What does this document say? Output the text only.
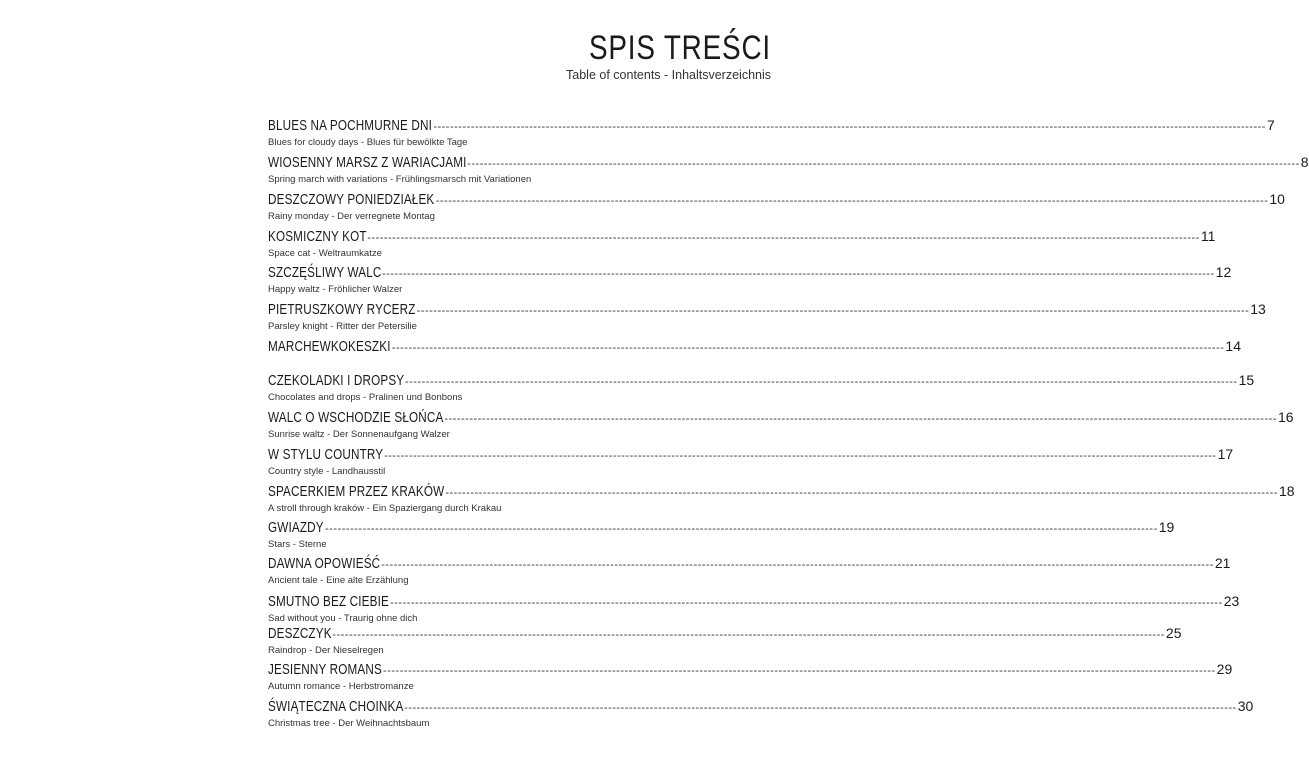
SPIS TREŚCI
Table of contents - Inhaltsverzeichnis
BLUES NA POCHMURNE DNI -------------------------------------------------------------------------------------------------------------------------------------------------------------------------------------------------------- 7
Blues for cloudy days - Blues für bewölkte Tage
WIOSENNY MARSZ Z WARIACJAMI -------------------------------------------------------------------------------------------------------------------------------------------------------------------------------------------------------- 8
Spring march with variations - Frühlingsmarsch mit Variationen
DESZCZOWY PONIEDZIAŁEK -------------------------------------------------------------------------------------------------------------------------------------------------------------------------------------------------------- 10
Rainy monday - Der verregnete Montag
KOSMICZNY KOT -------------------------------------------------------------------------------------------------------------------------------------------------------------------------------------------------------- 11
Space cat - Weltraumkatze
SZCZĘŚLIWY WALC -------------------------------------------------------------------------------------------------------------------------------------------------------------------------------------------------------- 12
Happy waltz - Fröhlicher Walzer
PIETRUSZKOWY RYCERZ -------------------------------------------------------------------------------------------------------------------------------------------------------------------------------------------------------- 13
Parsley knight - Ritter der Petersilie
MARCHEWKOKESZKI -------------------------------------------------------------------------------------------------------------------------------------------------------------------------------------------------------- 14
CZEKOLADKI I DROPSY -------------------------------------------------------------------------------------------------------------------------------------------------------------------------------------------------------- 15
Chocolates and drops - Pralinen und Bonbons
WALC O WSCHODZIE SŁOŃCA -------------------------------------------------------------------------------------------------------------------------------------------------------------------------------------------------------- 16
Sunrise waltz - Der Sonnenaufgang Walzer
W STYLU COUNTRY -------------------------------------------------------------------------------------------------------------------------------------------------------------------------------------------------------- 17
Country style - Landhausstil
SPACERKIEM PRZEZ KRAKÓW -------------------------------------------------------------------------------------------------------------------------------------------------------------------------------------------------------- 18
A stroll through kraków - Ein Spaziergang durch Krakau
GWIAZDY -------------------------------------------------------------------------------------------------------------------------------------------------------------------------------------------------------- 19
Stars - Sterne
DAWNA OPOWIEŚĆ -------------------------------------------------------------------------------------------------------------------------------------------------------------------------------------------------------- 21
Ancient tale - Eine alte Erzählung
SMUTNO BEZ CIEBIE -------------------------------------------------------------------------------------------------------------------------------------------------------------------------------------------------------- 23
Sad without you - Traurig ohne dich
DESZCZYK -------------------------------------------------------------------------------------------------------------------------------------------------------------------------------------------------------- 25
Raindrop - Der Nieselregen
JESIENNY ROMANS -------------------------------------------------------------------------------------------------------------------------------------------------------------------------------------------------------- 29
Autumn romance - Herbstromanze
ŚWIĄTECZNA CHOINKA -------------------------------------------------------------------------------------------------------------------------------------------------------------------------------------------------------- 30
Christmas tree - Der Weihnachtsbaum
